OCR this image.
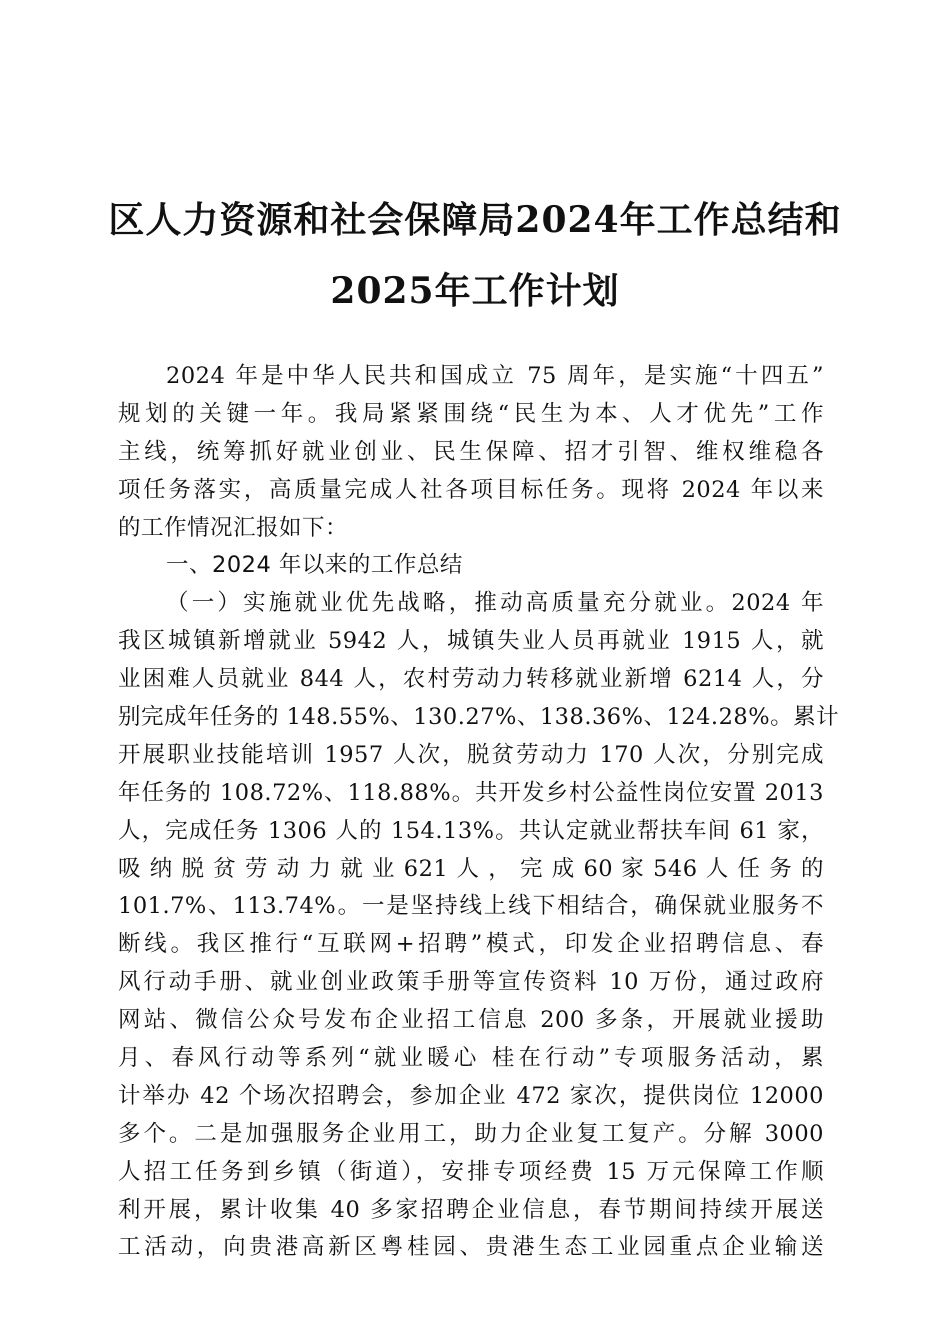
区人力资源和社会保障局2024年工作总结和
2025年工作计划
2024 年是中华人民共和国成立 75 周年，是实施“十四五”
规划的关键一年。我局紧紧围绕“民生为本、人才优先”工作
主线，统筹抓好就业创业、民生保障、招才引智、维权维稳各
项任务落实，高质量完成人社各项目标任务。现将 2024 年以来
的工作情况汇报如下：
一、2024 年以来的工作总结
（一）实施就业优先战略，推动高质量充分就业。2024 年
我区城镇新增就业 5942 人，城镇失业人员再就业 1915 人，就
业困难人员就业 844 人，农村劳动力转移就业新增 6214 人，分
别完成年任务的 148.55%、130.27%、138.36%、124.28%。累计
开展职业技能培训 1957 人次，脱贫劳动力 170 人次，分别完成
年任务的 108.72%、118.88%。共开发乡村公益性岗位安置 2013
人，完成任务 1306 人的 154.13%。共认定就业帮扶车间 61 家，
吸 纳 脱 贫 劳 动 力 就 业 621 人 ， 完 成 60 家 546 人 任 务 的
101.7%、113.74%。一是坚持线上线下相结合，确保就业服务不
断线。我区推行“互联网+招聘”模式，印发企业招聘信息、春
风行动手册、就业创业政策手册等宣传资料 10 万份，通过政府
网站、微信公众号发布企业招工信息 200 多条，开展就业援助
月、春风行动等系列“就业暖心 桂在行动”专项服务活动，累
计举办 42 个场次招聘会，参加企业 472 家次，提供岗位 12000
多个。二是加强服务企业用工，助力企业复工复产。分解 3000
人招工任务到乡镇（街道），安排专项经费 15 万元保障工作顺
利开展，累计收集 40 多家招聘企业信息，春节期间持续开展送
工活动，向贵港高新区粤桂园、贵港生态工业园重点企业输送
